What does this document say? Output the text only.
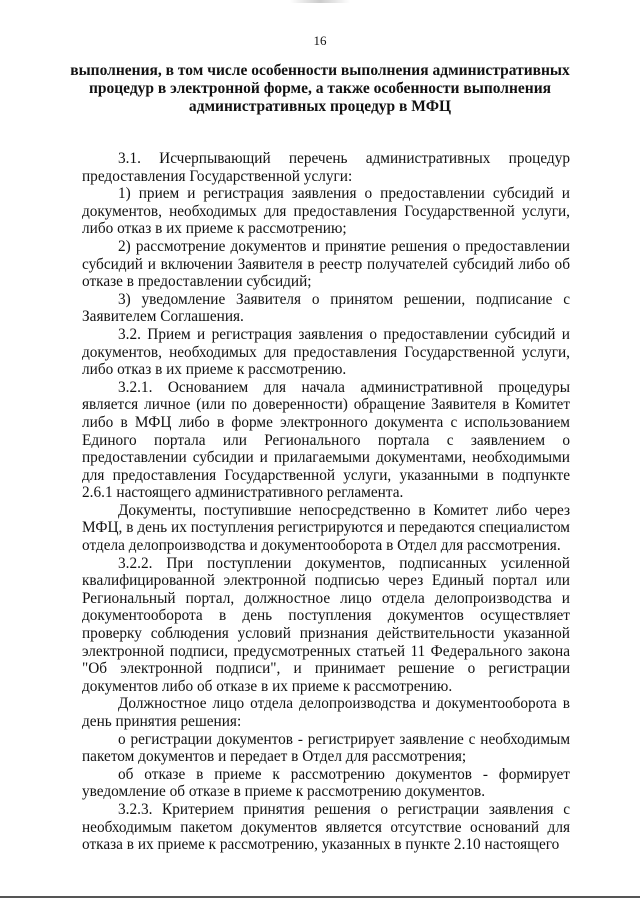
16
выполнения, в том числе особенности выполнения административных процедур в электронной форме, а также особенности выполнения административных процедур в МФЦ

3.1. Исчерпывающий перечень административных процедур предоставления Государственной услуги:

1) прием и регистрация заявления о предоставлении субсидий и документов, необходимых для предоставления Государственной услуги, либо отказ в их приеме к рассмотрению;

2) рассмотрение документов и принятие решения о предоставлении субсидий и включении Заявителя в реестр получателей субсидий либо об отказе в предоставлении субсидий;

3) уведомление Заявителя о принятом решении, подписание с Заявителем Соглашения.

3.2. Прием и регистрация заявления о предоставлении субсидий и документов, необходимых для предоставления Государственной услуги, либо отказ в их приеме к рассмотрению.

3.2.1. Основанием для начала административной процедуры является личное (или по доверенности) обращение Заявителя в Комитет либо в МФЦ либо в форме электронного документа с использованием Единого портала или Регионального портала с заявлением о предоставлении субсидии и прилагаемыми документами, необходимыми для предоставления Государственной услуги, указанными в подпункте 2.6.1 настоящего административного регламента.

Документы, поступившие непосредственно в Комитет либо через МФЦ, в день их поступления регистрируются и передаются специалистом отдела делопроизводства и документооборота в Отдел для рассмотрения.

3.2.2. При поступлении документов, подписанных усиленной квалифицированной электронной подписью через Единый портал или Региональный портал, должностное лицо отдела делопроизводства и документооборота в день поступления документов осуществляет проверку соблюдения условий признания действительности указанной электронной подписи, предусмотренных статьей 11 Федерального закона "Об электронной подписи", и принимает решение о регистрации документов либо об отказе в их приеме к рассмотрению.

Должностное лицо отдела делопроизводства и документооборота в день принятия решения:

о регистрации документов - регистрирует заявление с необходимым пакетом документов и передает в Отдел для рассмотрения;

об отказе в приеме к рассмотрению документов - формирует уведомление об отказе в приеме к рассмотрению документов.

3.2.3. Критерием принятия решения о регистрации заявления с необходимым пакетом документов является отсутствие оснований для отказа в их приеме к рассмотрению, указанных в пункте 2.10 настоящего
